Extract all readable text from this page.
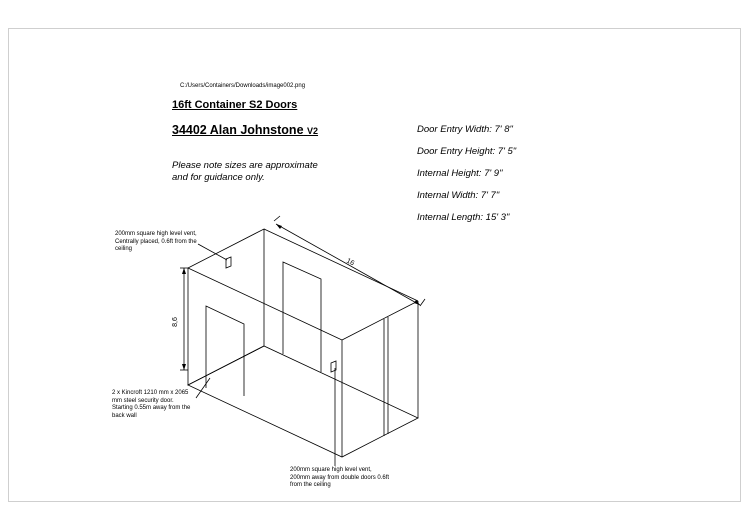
C:/Users/Containers/Downloads/image002.png
16ft Container S2 Doors
34402 Alan Johnstone V2
Please note sizes are approximate and for guidance only.
Door Entry Width: 7' 8"
Door Entry Height: 7' 5"
Internal Height: 7' 9"
Internal Width: 7' 7"
Internal Length: 15' 3"
200mm square high level vent, Centrally placed, 0.6ft from the ceiling
2 x Kincroft 1210 mm x 2065 mm steel security door. Starting 0.55m away from the back wall
200mm square high level vent, 200mm away from double doors 0.6ft from the ceiling
16
8,6
